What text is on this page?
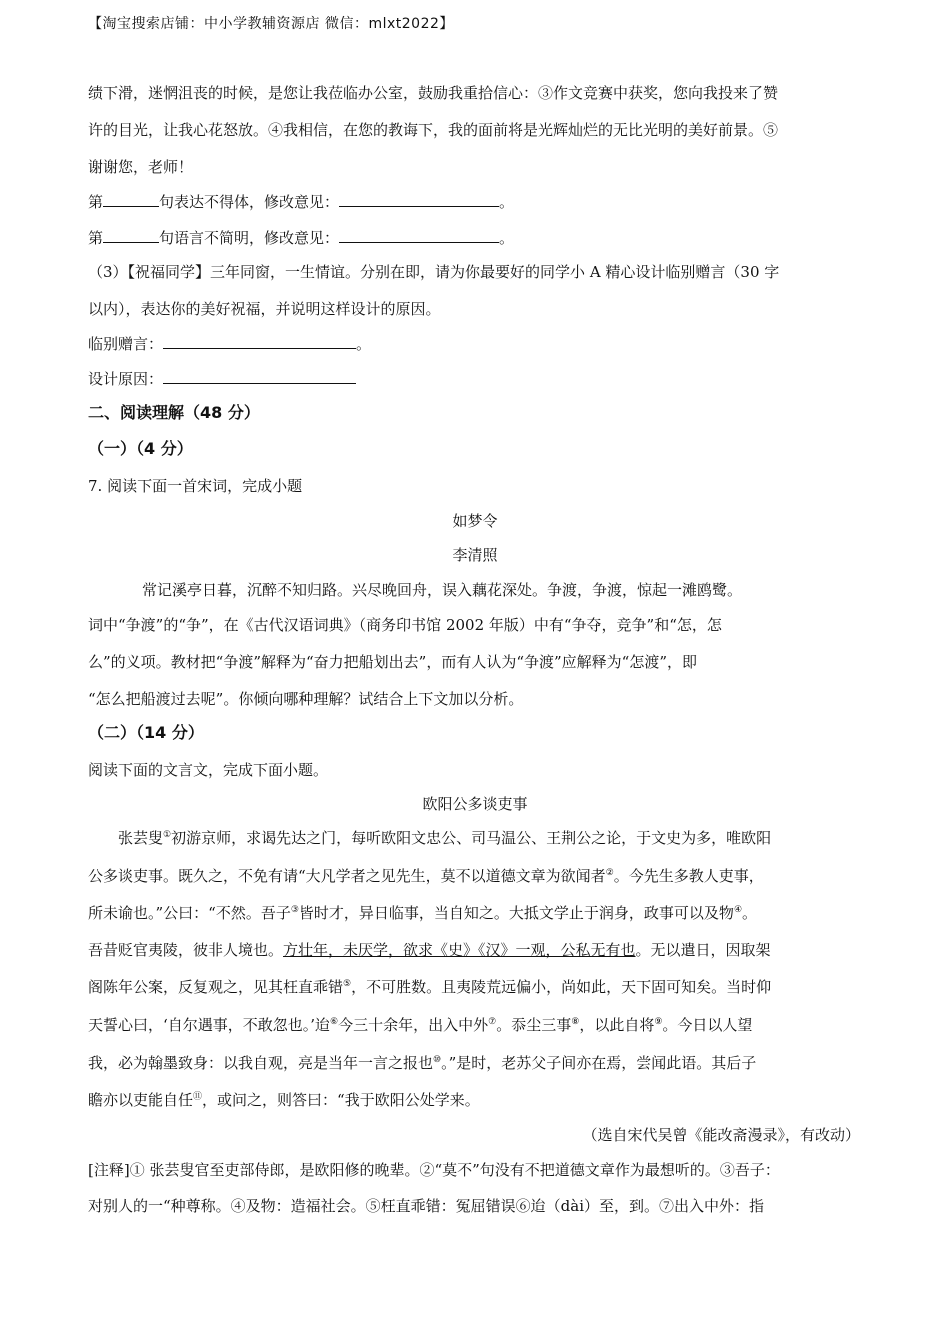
【淘宝搜索店铺：中小学教辅资源店 微信：mlxt2022】
绩下滑，迷惘沮丧的时候，是您让我莅临办公室，鼓励我重拾信心：③作文竞赛中获奖，您向我投来了赞
许的目光，让我心花怒放。④我相信，在您的教诲下，我的面前将是光辉灿烂的无比光明的美好前景。⑤
谢谢您，老师！
第	句表达不得体，修改意见：	。
第	句语言不简明，修改意见：	。
（3）【祝福同学】三年同窗，一生情谊。分别在即，请为你最要好的同学小 A 精心设计临别赠言（30 字
以内），表达你的美好祝福，并说明这样设计的原因。
临别赠言：	。
设计原因：
二、阅读理解（48 分）
（一）（4 分）
7. 阅读下面一首宋词，完成小题
如梦令
李清照
常记溪亭日暮，沉醉不知归路。兴尽晚回舟，误入藕花深处。争渡，争渡，惊起一滩鸥鹭。
词中“争渡”的“争”，在《古代汉语词典》（商务印书馆 2002 年版）中有“争夺，竞争”和“怎，怎
么”的义项。教材把“争渡”解释为“奋力把船划出去”，而有人认为“争渡”应解释为“怎渡”，即
“怎么把船渡过去呢”。你倾向哪种理解？试结合上下文加以分析。
（二）（14 分）
阅读下面的文言文，完成下面小题。
欧阳公多谈吏事
张芸叟①初游京师，求谒先达之门，每听欧阳文忠公、司马温公、王荆公之论，于文史为多，唯欧阳
公多谈吏事。既久之，不免有请“大凡学者之见先生，莫不以道德文章为欲闻者②。今先生多教人吏事，
所未谕也。”公曰：“不然。吾子③皆时才，异日临事，当自知之。大抵文学止于润身，政事可以及物④。
吾昔贬官夷陵，彼非人境也。方壮年，未厌学，欲求《史》《汉》一观，公私无有也。无以遣日，因取架
阁陈年公案，反复观之，见其枉直乖错⑤，不可胜数。且夷陵荒远偏小，尚如此，天下固可知矣。当时仰
天誓心曰，‘自尔遇事，不敢忽也。’迨⑥今三十余年，出入中外⑦。忝尘三事⑧，以此自将⑨。今日以人望
我，必为翰墨致身：以我自观，亮是当年一言之报也⑩。”是时，老苏父子间亦在焉，尝闻此语。其后子
瞻亦以吏能自任⑪，或问之，则答曰：“我于欧阳公处学来。
（选自宋代吴曾《能改斋漫录》，有改动）
[注释]① 张芸叟官至吏部侍郎，是欧阳修的晚辈。②“莫不”句没有不把道德文章作为最想听的。③吾子：
对别人的一“种尊称。④及物：造福社会。⑤枉直乖错：冤屈错误⑥迨（dài）至，到。⑦出入中外：指
